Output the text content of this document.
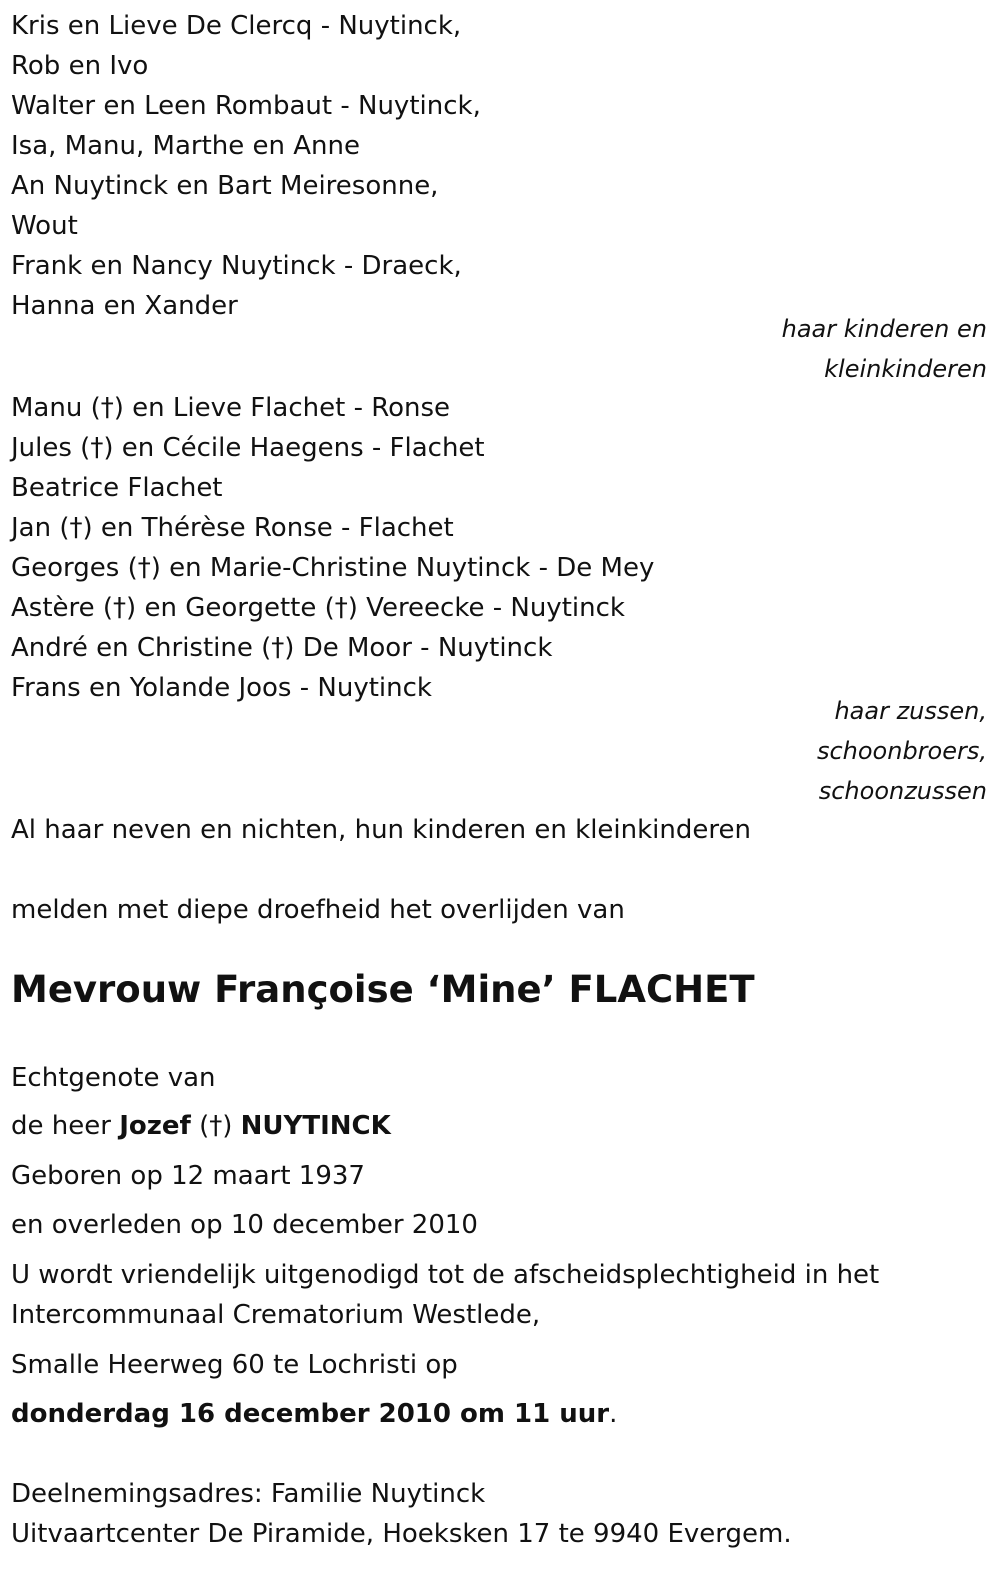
Kris en Lieve De Clercq - Nuytinck,

Rob en Ivo

Walter en Leen Rombaut - Nuytinck,

Isa, Manu, Marthe en Anne

An Nuytinck en Bart Meiresonne,

Wout

Frank en Nancy Nuytinck - Draeck,

Hanna en Xander

haar kinderen en

kleinkinderen

Manu (†) en Lieve Flachet - Ronse

Jules (†) en Cécile Haegens - Flachet

Beatrice Flachet

Jan (†) en Thérèse Ronse - Flachet

Georges (†) en Marie-Christine Nuytinck - De Mey

Astère (†) en Georgette (†) Vereecke - Nuytinck

André en Christine (†) De Moor - Nuytinck

Frans en Yolande Joos - Nuytinck

haar zussen,

schoonbroers,

schoonzussen

Al haar neven en nichten, hun kinderen en kleinkinderen

melden met diepe droefheid het overlijden van

Mevrouw Françoise ‘Mine’ FLACHET

Echtgenote van

de heer Jozef (†) NUYTINCK

Geboren op 12 maart 1937

en overleden op 10 december 2010

U wordt vriendelijk uitgenodigd tot de afscheidsplechtigheid in het

Intercommunaal Crematorium Westlede,

Smalle Heerweg 60 te Lochristi op

donderdag 16 december 2010 om 11 uur.

Deelnemingsadres: Familie Nuytinck

Uitvaartcenter De Piramide, Hoeksken 17 te 9940 Evergem.
